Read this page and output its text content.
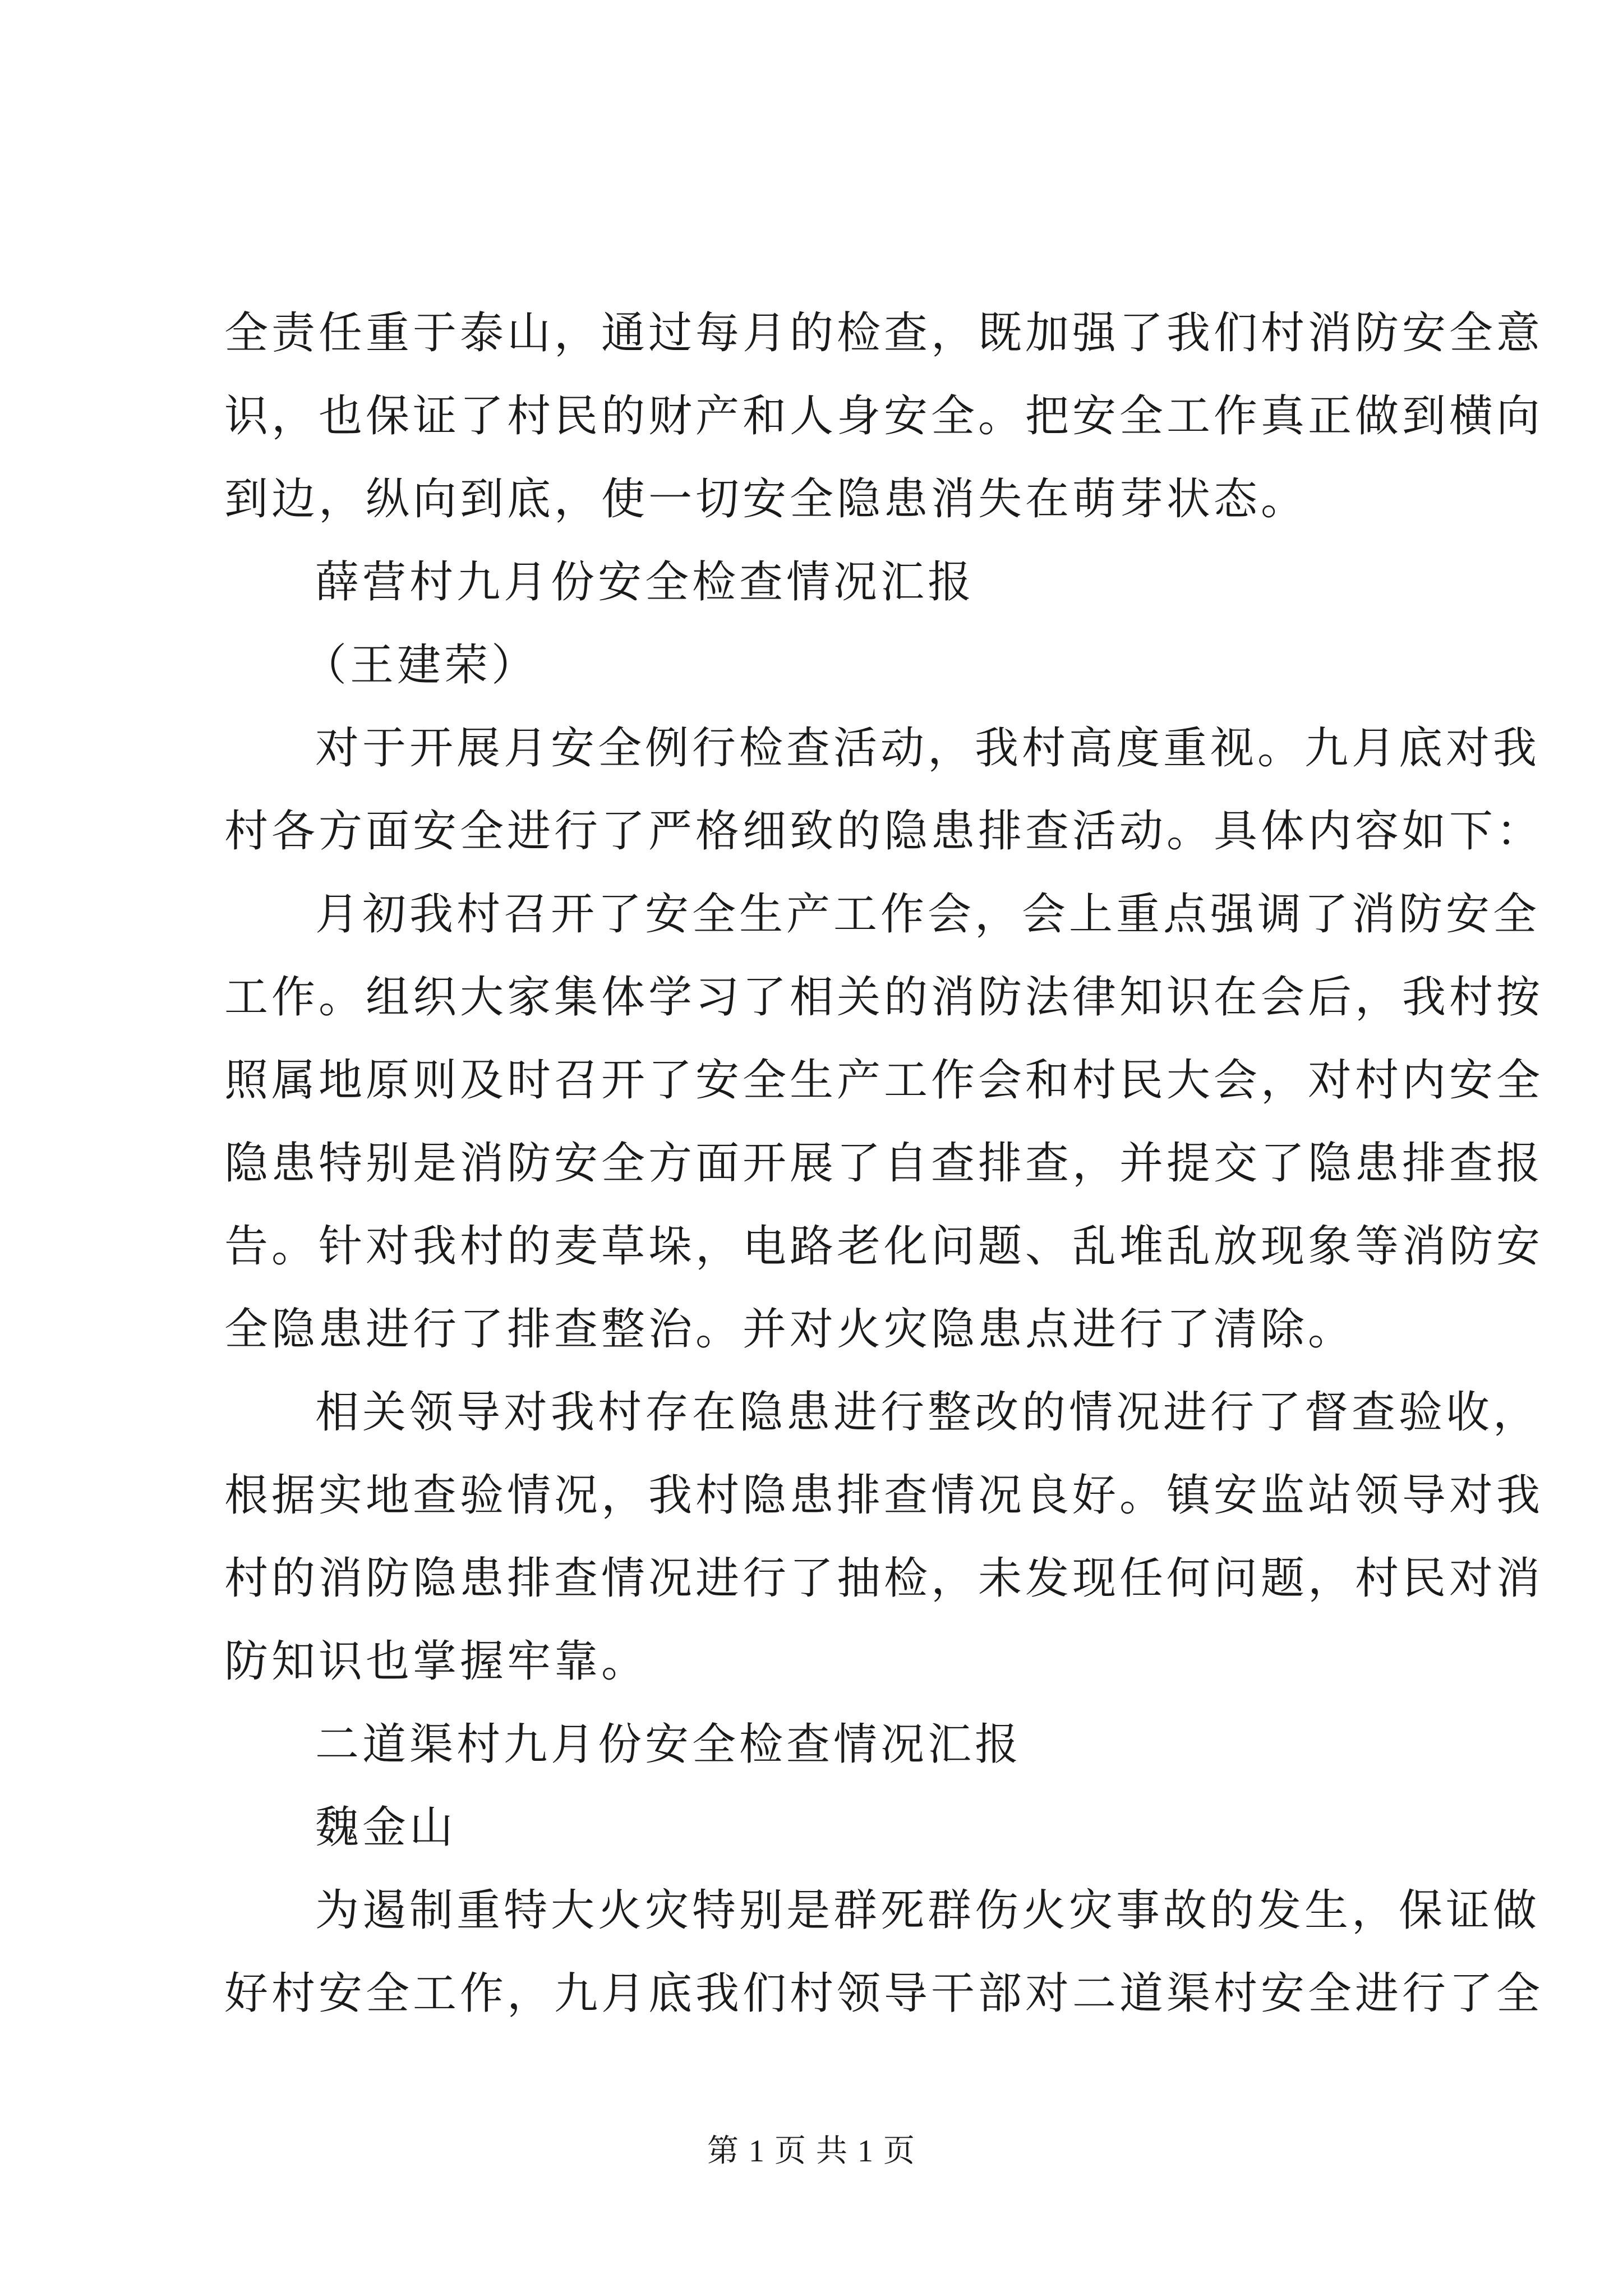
全责任重于泰山，通过每月的检查，既加强了我们村消防安全意
识，也保证了村民的财产和人身安全。把安全工作真正做到横向
到边，纵向到底，使一切安全隐患消失在萌芽状态。
薛营村九月份安全检查情况汇报
（王建荣）
对于开展月安全例行检查活动，我村高度重视。九月底对我
村各方面安全进行了严格细致的隐患排查活动。具体内容如下：
月初我村召开了安全生产工作会，会上重点强调了消防安全
工作。组织大家集体学习了相关的消防法律知识在会后，我村按
照属地原则及时召开了安全生产工作会和村民大会，对村内安全
隐患特别是消防安全方面开展了自查排查，并提交了隐患排查报
告。针对我村的麦草垛，电路老化问题、乱堆乱放现象等消防安
全隐患进行了排查整治。并对火灾隐患点进行了清除。
相关领导对我村存在隐患进行整改的情况进行了督查验收，
根据实地查验情况，我村隐患排查情况良好。镇安监站领导对我
村的消防隐患排查情况进行了抽检，未发现任何问题，村民对消
防知识也掌握牢靠。
二道渠村九月份安全检查情况汇报
魏金山
为遏制重特大火灾特别是群死群伤火灾事故的发生，保证做
好村安全工作，九月底我们村领导干部对二道渠村安全进行了全
第 1 页 共 1 页
